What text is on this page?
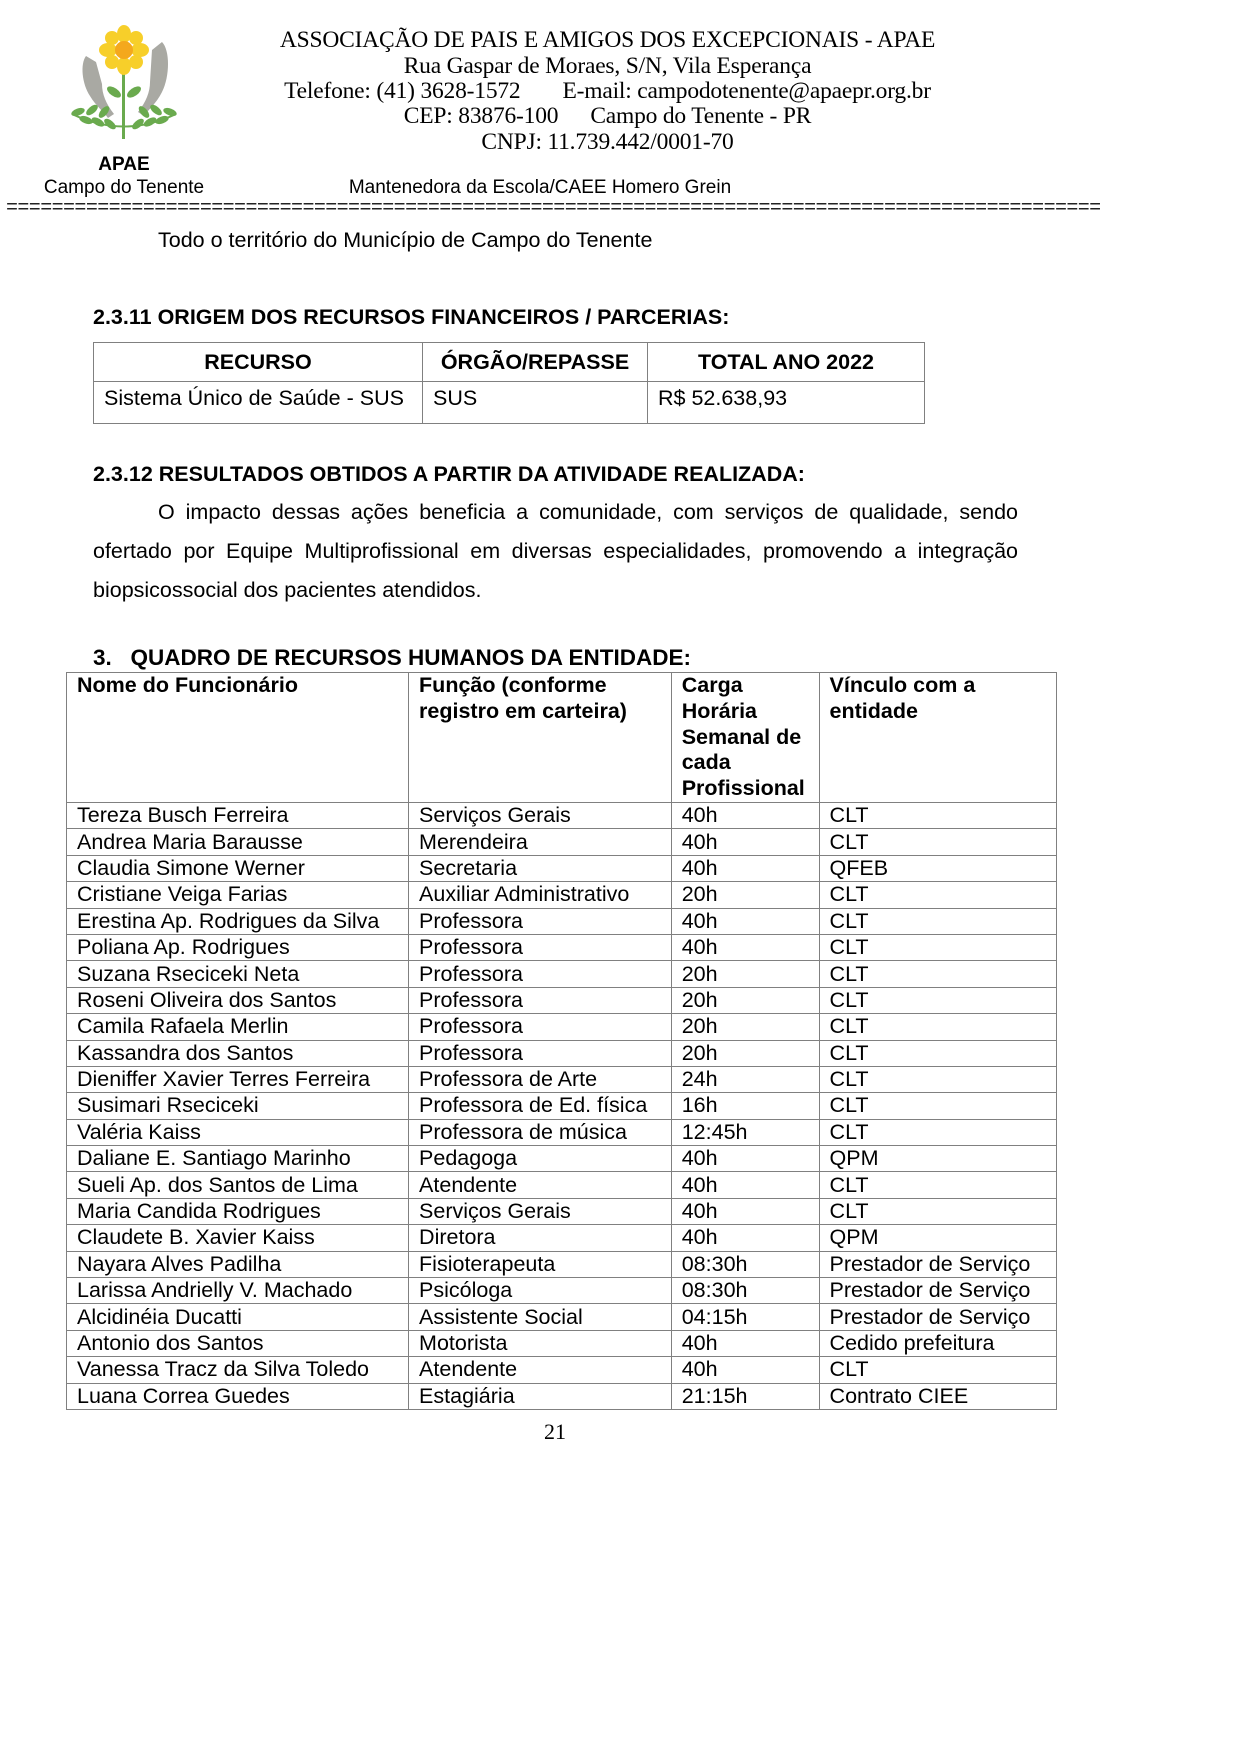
APAE
Campo do Tenente
ASSOCIAÇÃO DE PAIS E AMIGOS DOS EXCEPCIONAIS - APAE
Rua Gaspar de Moraes, S/N, Vila Esperança
Telefone: (41) 3628-1572 E-mail: campodotenente@apaepr.org.br
CEP: 83876-100 Campo do Tenente - PR
CNPJ: 11.739.442/0001-70
Mantenedora da Escola/CAEE Homero Grein
================================================================================================
Todo o território do Município de Campo do Tenente
2.3.11 ORIGEM DOS RECURSOS FINANCEIROS / PARCERIAS:
RECURSO	ÓRGÃO/REPASSE	TOTAL ANO 2022
Sistema Único de Saúde - SUS	SUS	R$ 52.638,93
2.3.12 RESULTADOS OBTIDOS A PARTIR DA ATIVIDADE REALIZADA:
O impacto dessas ações beneficia a comunidade, com serviços de qualidade, sendo ofertado por Equipe Multiprofissional em diversas especialidades, promovendo a integração biopsicossocial dos pacientes atendidos.
3.   QUADRO DE RECURSOS HUMANOS DA ENTIDADE:
Nome do Funcionário	Função (conforme registro em carteira)	Carga Horária Semanal de cada Profissional	Vínculo com a entidade
Tereza Busch Ferreira	Serviços Gerais	40h	CLT
Andrea Maria Barausse	Merendeira	40h	CLT
Claudia Simone Werner	Secretaria	40h	QFEB
Cristiane Veiga Farias	Auxiliar Administrativo	20h	CLT
Erestina Ap. Rodrigues da Silva	Professora	40h	CLT
Poliana Ap. Rodrigues	Professora	40h	CLT
Suzana Rseciceki Neta	Professora	20h	CLT
Roseni Oliveira dos Santos	Professora	20h	CLT
Camila Rafaela Merlin	Professora	20h	CLT
Kassandra dos Santos	Professora	20h	CLT
Dieniffer Xavier Terres Ferreira	Professora de Arte	24h	CLT
Susimari Rseciceki	Professora de Ed. física	16h	CLT
Valéria Kaiss	Professora de música	12:45h	CLT
Daliane E. Santiago Marinho	Pedagoga	40h	QPM
Sueli Ap. dos Santos de Lima	Atendente	40h	CLT
Maria Candida Rodrigues	Serviços Gerais	40h	CLT
Claudete B. Xavier Kaiss	Diretora	40h	QPM
Nayara Alves Padilha	Fisioterapeuta	08:30h	Prestador de Serviço
Larissa Andrielly V. Machado	Psicóloga	08:30h	Prestador de Serviço
Alcidinéia Ducatti	Assistente Social	04:15h	Prestador de Serviço
Antonio dos Santos	Motorista	40h	Cedido prefeitura
Vanessa Tracz da Silva Toledo	Atendente	40h	CLT
Luana Correa Guedes	Estagiária	21:15h	Contrato CIEE
21
